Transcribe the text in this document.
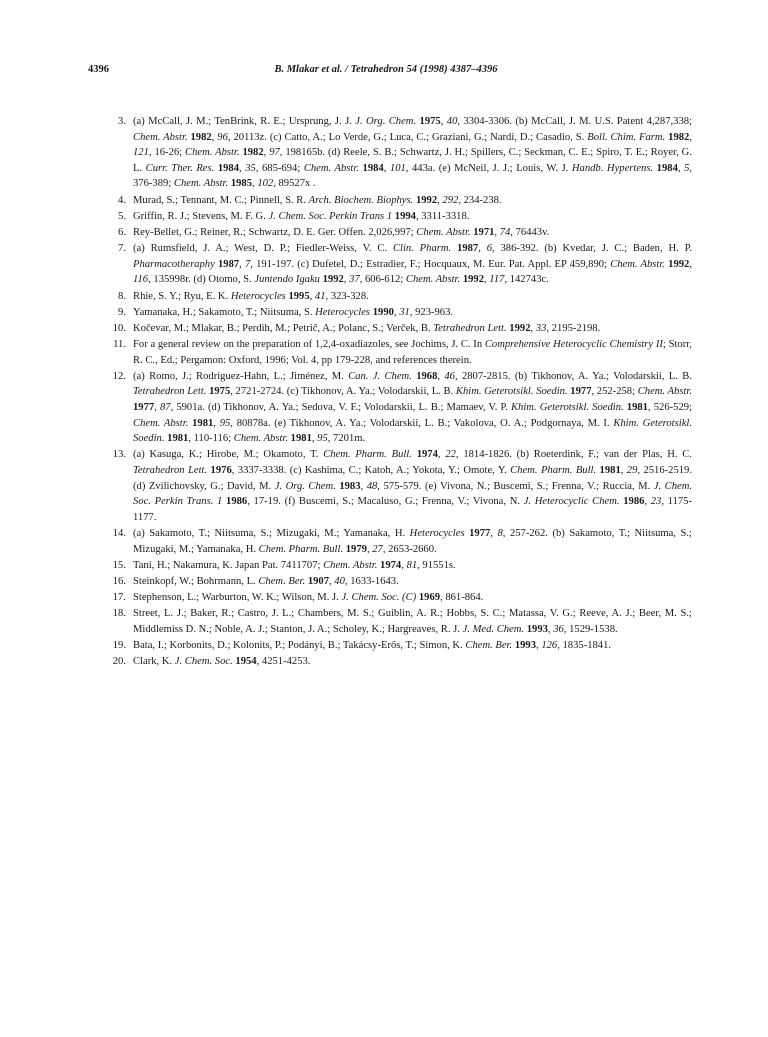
4396	B. Mlakar et al. / Tetrahedron 54 (1998) 4387–4396
3. (a) McCall, J. M.; TenBrink, R. E.; Ursprung, J. J. J. Org. Chem. 1975, 40, 3304-3306. (b) McCall, J. M. U.S. Patent 4,287,338; Chem. Abstr. 1982, 96, 20113z. (c) Catto, A.; Lo Verde, G.; Luca, C.; Graziani, G.; Nardi, D.; Casadio, S. Boll. Chim. Farm. 1982, 121, 16-26; Chem. Abstr. 1982, 97, 198165b. (d) Reele, S. B.; Schwartz, J. H.; Spillers, C.; Seckman, C. E.; Spiro, T. E.; Royer, G. L. Curr. Ther. Res. 1984, 35, 685-694; Chem. Abstr. 1984, 101, 443a. (e) McNeil, J. J.; Louis, W. J. Handb. Hypertens. 1984, 5, 376-389; Chem. Abstr. 1985, 102, 89527x .
4. Murad, S.; Tennant, M. C.; Pinnell, S. R. Arch. Biochem. Biophys. 1992, 292, 234-238.
5. Griffin, R. J.; Stevens, M. F. G. J. Chem. Soc. Perkin Trans 1 1994, 3311-3318.
6. Rey-Bellet, G.; Reiner, R.; Schwartz, D. E. Ger. Offen. 2,026,997; Chem. Abstr. 1971, 74, 76443v.
7. (a) Rumsfield, J. A.; West, D. P.; Fiedler-Weiss, V. C. Clin. Pharm. 1987, 6, 386-392. (b) Kvedar, J. C.; Baden, H. P. Pharmacotheraphy 1987, 7, 191-197. (c) Dufetel, D.; Estradier, F.; Hocquaux, M. Eur. Pat. Appl. EP 459,890; Chem. Abstr. 1992, 116, 135998r. (d) Otomo, S. Juntendo Igaku 1992, 37, 606-612; Chem. Abstr. 1992, 117, 142743c.
8. Rhie, S. Y.; Ryu, E. K. Heterocycles 1995, 41, 323-328.
9. Yamanaka, H.; Sakamoto, T.; Niitsuma, S. Heterocycles 1990, 31, 923-963.
10. Kočevar, M.; Mlakar, B.; Perdih, M.; Petrič, A.; Polanc, S.; Verček, B. Tetrahedron Lett. 1992, 33, 2195-2198.
11. For a general review on the preparation of 1,2,4-oxadiazoles, see Jochims, J. C. In Comprehensive Heterocyclic Chemistry II; Storr, R. C., Ed.; Pergamon: Oxford, 1996; Vol. 4, pp 179-228, and references therein.
12. (a) Romo, J.; Rodriguez-Hahn, L.; Jiménez, M. Can. J. Chem. 1968, 46, 2807-2815. (b) Tikhonov, A. Ya.; Volodarskii, L. B. Tetrahedron Lett. 1975, 2721-2724. (c) Tikhonov, A. Ya.; Volodarskii, L. B. Khim. Geterotsikl. Soedin. 1977, 252-258; Chem. Abstr. 1977, 87, 5901a. (d) Tikhonov, A. Ya.; Sedova, V. F.; Volodarskii, L. B.; Mamaev, V. P. Khim. Geterotsikl. Soedin. 1981, 526-529; Chem. Abstr. 1981, 95, 80878a. (e) Tikhonov, A. Ya.; Volodarskii, L. B.; Vakolova, O. A.; Podgornaya, M. I. Khim. Geterotsikl. Soedin. 1981, 110-116; Chem. Abstr. 1981, 95, 7201m.
13. (a) Kasuga, K.; Hirobe, M.; Okamoto, T. Chem. Pharm. Bull. 1974, 22, 1814-1826. (b) Roeterdink, F.; van der Plas, H. C. Tetrahedron Lett. 1976, 3337-3338. (c) Kashima, C.; Katoh, A.; Yokota, Y.; Omote, Y. Chem. Pharm. Bull. 1981, 29, 2516-2519. (d) Zvilichovsky, G.; David, M. J. Org. Chem. 1983, 48, 575-579. (e) Vivona, N.; Buscemi, S.; Frenna, V.; Ruccia, M. J. Chem. Soc. Perkin Trans. 1 1986, 17-19. (f) Buscemi, S.; Macaluso, G.; Frenna, V.; Vivona, N. J. Heterocyclic Chem. 1986, 23, 1175-1177.
14. (a) Sakamoto, T.; Niitsuma, S.; Mizugaki, M.; Yamanaka, H. Heterocycles 1977, 8, 257-262. (b) Sakamoto, T.; Niitsuma, S.; Mizugaki, M.; Yamanaka, H. Chem. Pharm. Bull. 1979, 27, 2653-2660.
15. Tani, H.; Nakamura, K. Japan Pat. 7411707; Chem. Abstr. 1974, 81, 91551s.
16. Steinkopf, W.; Bohrmann, L. Chem. Ber. 1907, 40, 1633-1643.
17. Stephenson, L.; Warburton, W. K.; Wilson, M. J. J. Chem. Soc. (C) 1969, 861-864.
18. Street, L. J.; Baker, R.; Castro, J. L.; Chambers, M. S.; Guiblin, A. R.; Hobbs, S. C.; Matassa, V. G.; Reeve, A. J.; Beer, M. S.; Middlemiss D. N.; Noble, A. J.; Stanton, J. A.; Scholey, K.; Hargreaves, R. J. J. Med. Chem. 1993, 36, 1529-1538.
19. Bata, I.; Korbonits, D.; Kolonits, P.; Podányi, B.; Takácsy-Erős, T.; Simon, K. Chem. Ber. 1993, 126, 1835-1841.
20. Clark, K. J. Chem. Soc. 1954, 4251-4253.
